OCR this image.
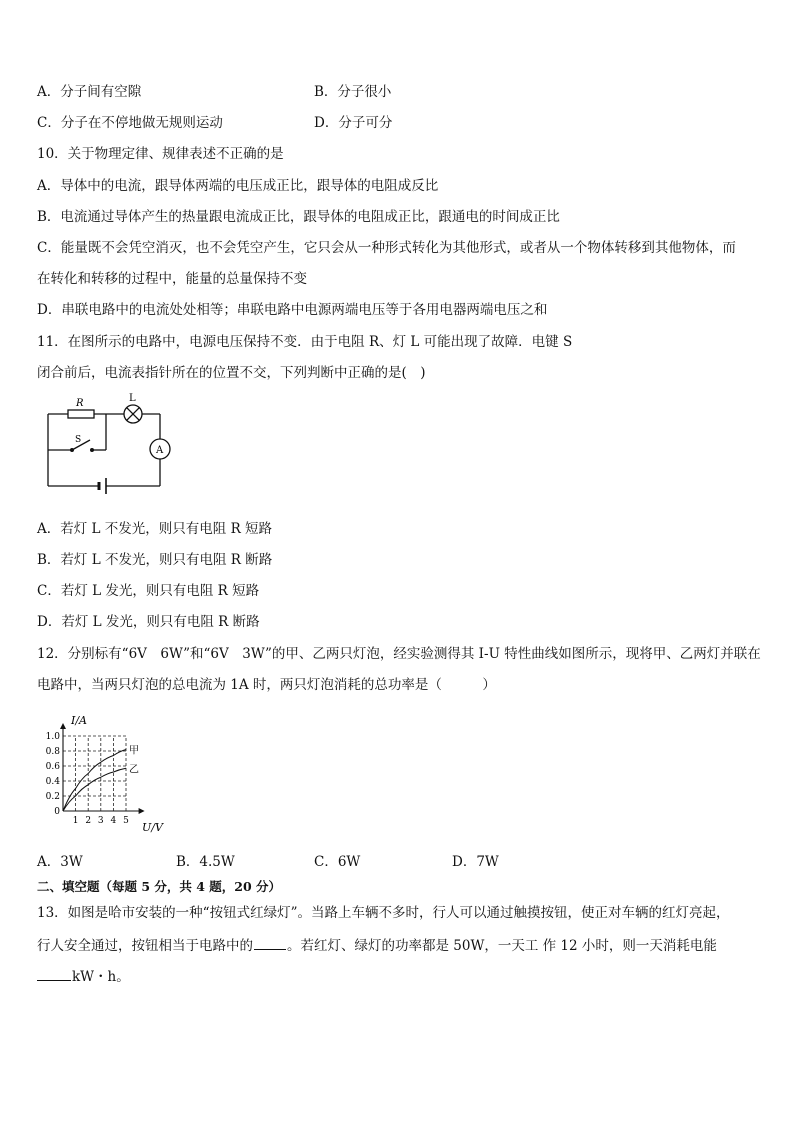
A．分子间有空隙	B．分子很小
C．分子在不停地做无规则运动	D．分子可分
10．关于物理定律、规律表述不正确的是
A．导体中的电流，跟导体两端的电压成正比，跟导体的电阻成反比
B．电流通过导体产生的热量跟电流成正比，跟导体的电阻成正比，跟通电的时间成正比
C．能量既不会凭空消灭，也不会凭空产生，它只会从一种形式转化为其他形式，或者从一个物体转移到其他物体，而
在转化和转移的过程中，能量的总量保持不变
D．串联电路中的电流处处相等；串联电路中电源两端电压等于各用电器两端电压之和
11．在图所示的电路中，电源电压保持不变．由于电阻 R、灯 L 可能出现了故障．电键 S
闭合前后，电流表指针所在的位置不交，下列判断中正确的是(　)
R	L
S
A
A．若灯 L 不发光，则只有电阻 R 短路
B．若灯 L 不发光，则只有电阻 R 断路
C．若灯 L 发光，则只有电阻 R 短路
D．若灯 L 发光，则只有电阻 R 断路
12．分别标有“6V　6W”和“6V　3W”的甲、乙两只灯泡，经实验测得其 I-U 特性曲线如图所示，现将甲、乙两灯并联在
电路中，当两只灯泡的总电流为 1A 时，两只灯泡消耗的总功率是（　　　）
0
0.2
0.4
0.6
0.8
1.0
1 2 3 4 5
甲
乙
I/A
U/V
A．3W	B．4.5W	C．6W	D．7W
二、填空题（每题 5 分，共 4 题，20 分）
13．如图是哈市安装的一种“按钮式红绿灯”。当路上车辆不多时，行人可以通过触摸按钮，使正对车辆的红灯亮起，
行人安全通过，按钮相当于电路中的	。若红灯、绿灯的功率都是 50W，一天工 作 12 小时，则一天消耗电能
kW・h。
